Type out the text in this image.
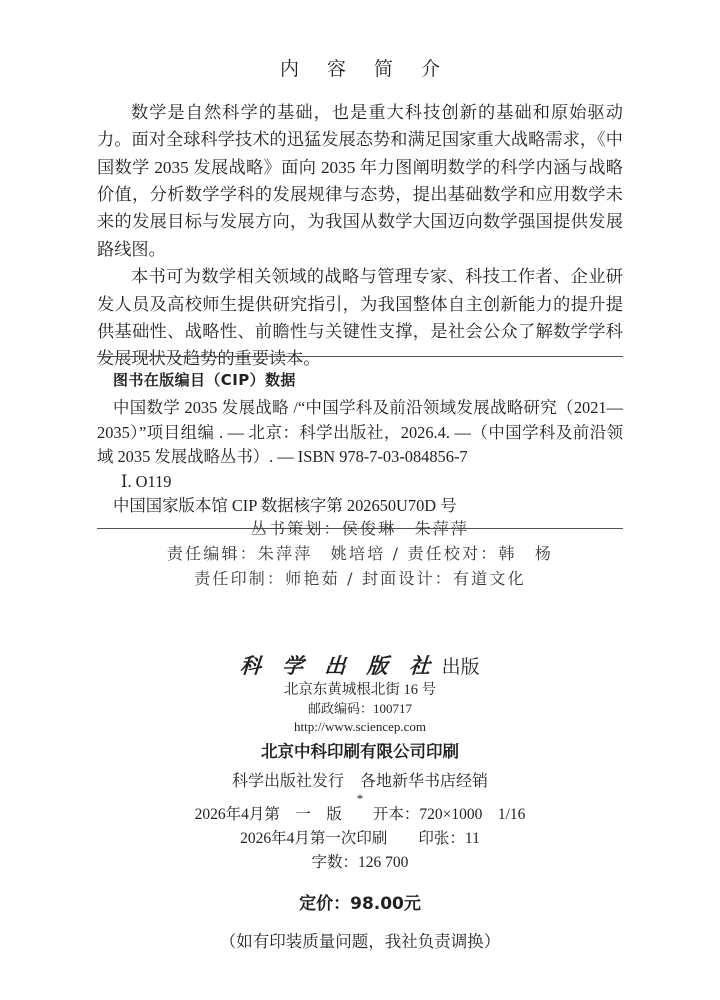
内 容 简 介

数学是自然科学的基础，也是重大科技创新的基础和原始驱动力。面对全球科学技术的迅猛发展态势和满足国家重大战略需求，《中国数学 2035 发展战略》面向 2035 年力图阐明数学的科学内涵与战略价值，分析数学学科的发展规律与态势，提出基础数学和应用数学未来的发展目标与发展方向，为我国从数学大国迈向数学强国提供发展路线图。

本书可为数学相关领域的战略与管理专家、科技工作者、企业研发人员及高校师生提供研究指引，为我国整体自主创新能力的提升提供基础性、战略性、前瞻性与关键性支撑，是社会公众了解数学学科发展现状及趋势的重要读本。

图书在版编目（CIP）数据

中国数学 2035 发展战略 /“中国学科及前沿领域发展战略研究（2021—2035）”项目组编 . — 北京：科学出版社，2026.4. —（中国学科及前沿领域 2035 发展战略丛书）. — ISBN 978-7-03-084856-7

Ⅰ. O119

中国国家版本馆 CIP 数据核字第 202650U70D 号

丛书策划：侯俊琳　朱萍萍

责任编辑：朱萍萍　姚培培 / 责任校对：韩　杨

责任印制：师艳茹 / 封面设计：有道文化

科 学 出 版 社 出版

北京东黄城根北街 16 号

邮政编码：100717

http://www.sciencep.com

北京中科印刷有限公司印刷

科学出版社发行　各地新华书店经销

*

2026年4月第　一　版　　开本：720×1000　1/16

2026年4月第一次印刷　　印张：11

字数：126 700

定价：98.00元

（如有印装质量问题，我社负责调换）
